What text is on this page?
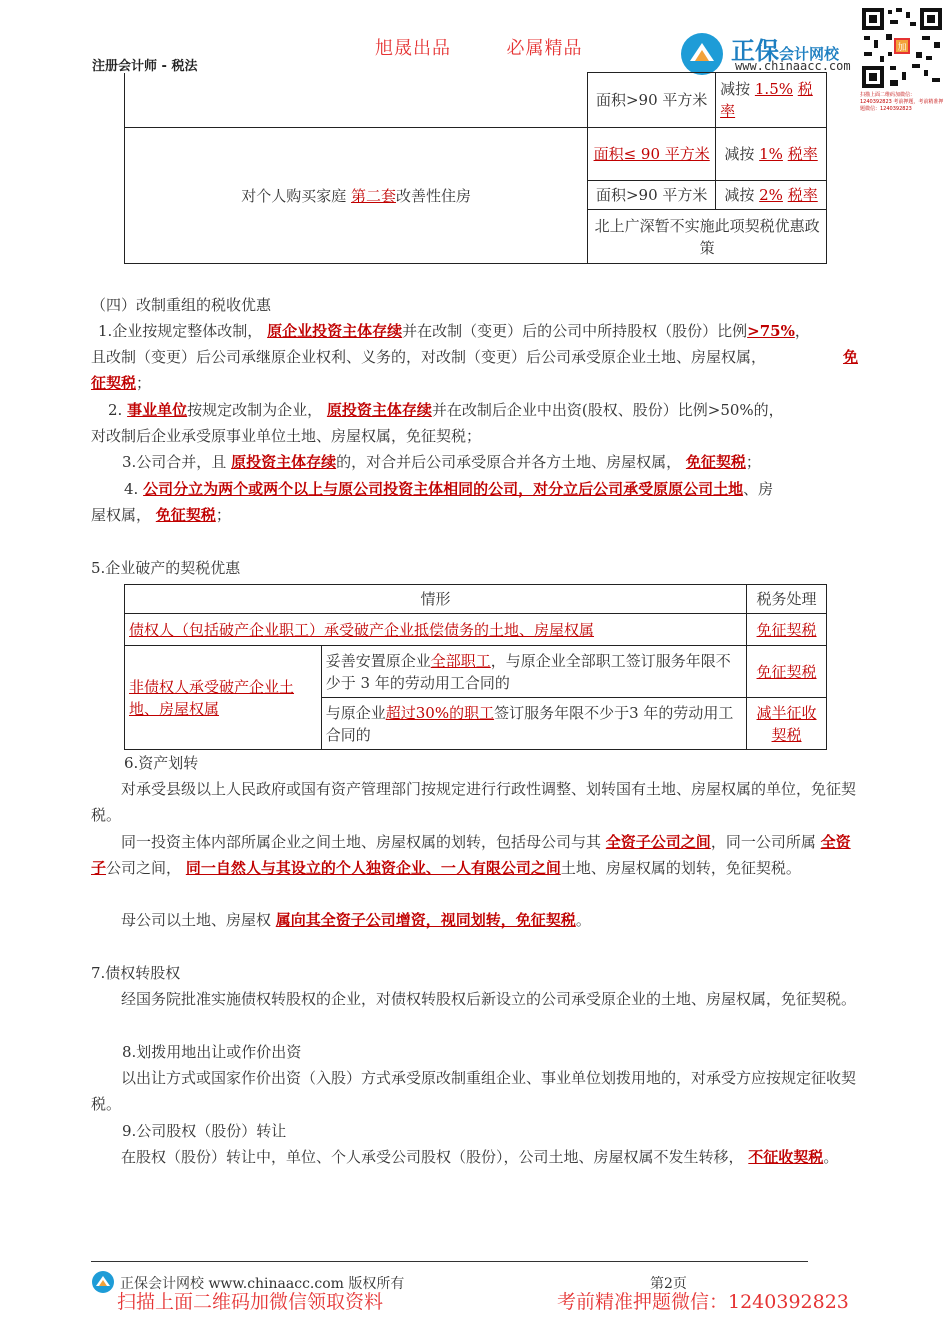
旭晟出品	必属精品
注册会计师 - 税法
正保会计网校
www.chinaacc.com
加
扫描上面二维码加微信：1240392823 考前押题，考前精准押题微信：1240392823
	面积>90 平方米	减按 1.5% 税率
对个人购买家庭 第二套改善性住房	面积≤ 90 平方米	减按 1% 税率
	面积>90 平方米	减按 2% 税率
	北上广深暂不实施此项契税优惠政策	
（四）改制重组的税收优惠
1.企业按规定整体改制， 原企业投资主体存续并在改制（变更）后的公司中所持股权（股份）比例>75%，
且改制（变更）后公司承继原企业权利、义务的，对改制（变更）后公司承受原企业土地、房屋权属，	免
征契税；
2. 事业单位按规定改制为企业， 原投资主体存续并在改制后企业中出资(股权、股份）比例>50%的，
对改制后企业承受原事业单位土地、房屋权属，免征契税；
3.公司合并，且 原投资主体存续的，对合并后公司承受原合并各方土地、房屋权属， 免征契税；
4. 公司分立为两个或两个以上与原公司投资主体相同的公司，对分立后公司承受原原公司土地、房
屋权属， 免征契税；
5.企业破产的契税优惠
情形		税务处理
债权人（包括破产企业职工）承受破产企业抵偿债务的土地、房屋权属		免征契税
非债权人承受破产企业土地、房屋权属	妥善安置原企业全部职工，与原企业全部职工签订服务年限不少于 3 年的劳动用工合同的	免征契税
	与原企业超过30%的职工签订服务年限不少于3 年的劳动用工合同的	减半征收契税
6.资产划转
对承受县级以上人民政府或国有资产管理部门按规定进行行政性调整、划转国有土地、房屋权属的单位，免征契税。
同一投资主体内部所属企业之间土地、房屋权属的划转，包括母公司与其 全资子公司之间，同一公司所属 全资子公司之间， 同一自然人与其设立的个人独资企业、一人有限公司之间土地、房屋权属的划转，免征契税。
母公司以土地、房屋权 属向其全资子公司增资，视同划转，免征契税。
7.债权转股权
经国务院批准实施债权转股权的企业，对债权转股权后新设立的公司承受原企业的土地、房屋权属，免征契税。
8.划拨用地出让或作价出资
以出让方式或国家作价出资（入股）方式承受原改制重组企业、事业单位划拨用地的，对承受方应按规定征收契税。
9.公司股权（股份）转让
在股权（股份）转让中，单位、个人承受公司股权（股份），公司土地、房屋权属不发生转移， 不征收契税。
正保会计网校 www.chinaacc.com 版权所有	第2页
扫描上面二维码加微信领取资料	考前精准押题微信：1240392823
